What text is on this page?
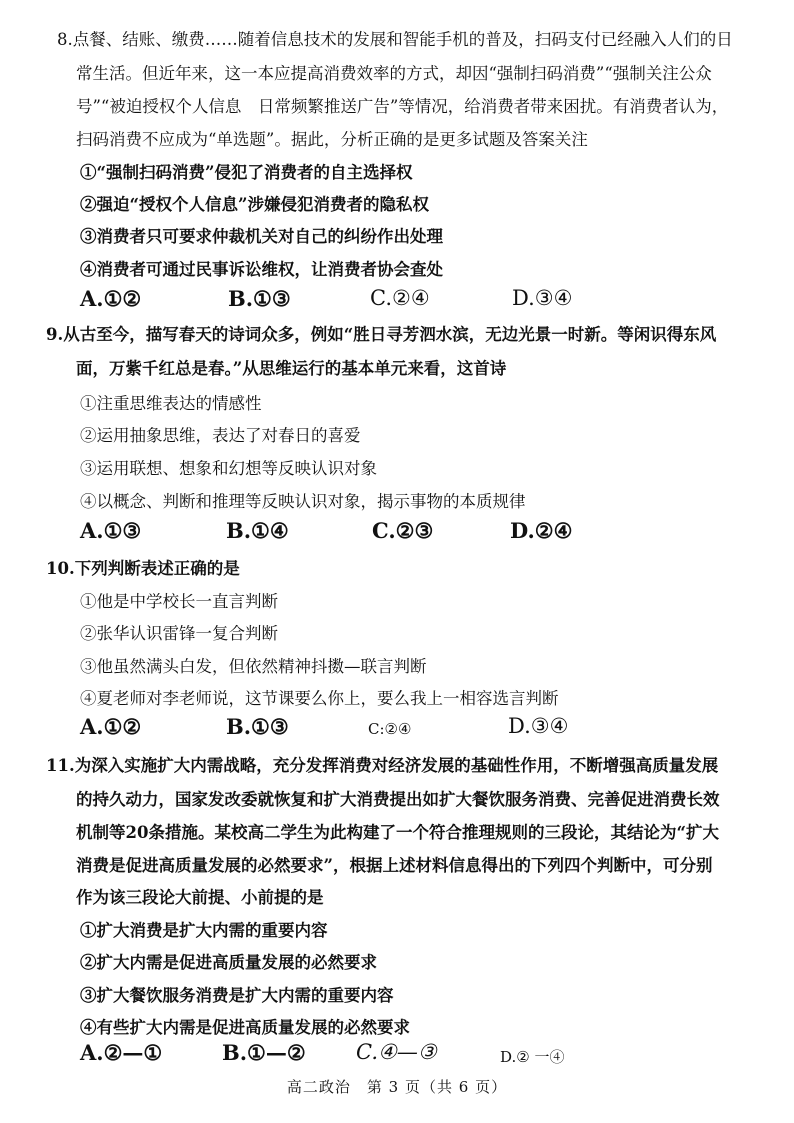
8.点餐、结账、缴费……随着信息技术的发展和智能手机的普及，扫码支付已经融入人们的日
常生活。但近年来，这一本应提高消费效率的方式，却因“强制扫码消费”“强制关注公众
号”“被迫授权个人信息　日常频繁推送广告”等情况，给消费者带来困扰。有消费者认为，
扫码消费不应成为“单选题”。据此，分析正确的是更多试题及答案关注
①“强制扫码消费”侵犯了消费者的自主选择权
②强迫“授权个人信息”涉嫌侵犯消费者的隐私权
③消费者只可要求仲裁机关对自己的纠纷作出处理
④消费者可通过民事诉讼维权，让消费者协会查处
A.①②	B.①③	C.②④	D.③④
9.从古至今，描写春天的诗词众多，例如“胜日寻芳泗水滨，无边光景一时新。等闲识得东风
面，万紫千红总是春。”从思维运行的基本单元来看，这首诗
①注重思维表达的情感性
②运用抽象思维，表达了对春日的喜爱
③运用联想、想象和幻想等反映认识对象
④以概念、判断和推理等反映认识对象，揭示事物的本质规律
A.①③	B.①④	C.②③	D.②④
10.下列判断表述正确的是
①他是中学校长一直言判断
②张华认识雷锋一复合判断
③他虽然满头白发，但依然精神抖擞—联言判断
④夏老师对李老师说，这节课要么你上，要么我上一相容选言判断
A.①②	B.①③	C:②④	D.③④
11.为深入实施扩大内需战略，充分发挥消费对经济发展的基础性作用，不断增强高质量发展
的持久动力，国家发改委就恢复和扩大消费提出如扩大餐饮服务消费、完善促进消费长效
机制等20条措施。某校高二学生为此构建了一个符合推理规则的三段论，其结论为“扩大
消费是促进高质量发展的必然要求”，根据上述材料信息得出的下列四个判断中，可分别
作为该三段论大前提、小前提的是
①扩大消费是扩大内需的重要内容
②扩大内需是促进高质量发展的必然要求
③扩大餐饮服务消费是扩大内需的重要内容
④有些扩大内需是促进高质量发展的必然要求
A.②—①	B.①—② C.④—③	D.② 一④
高二政治　第 3 页（共 6 页）
